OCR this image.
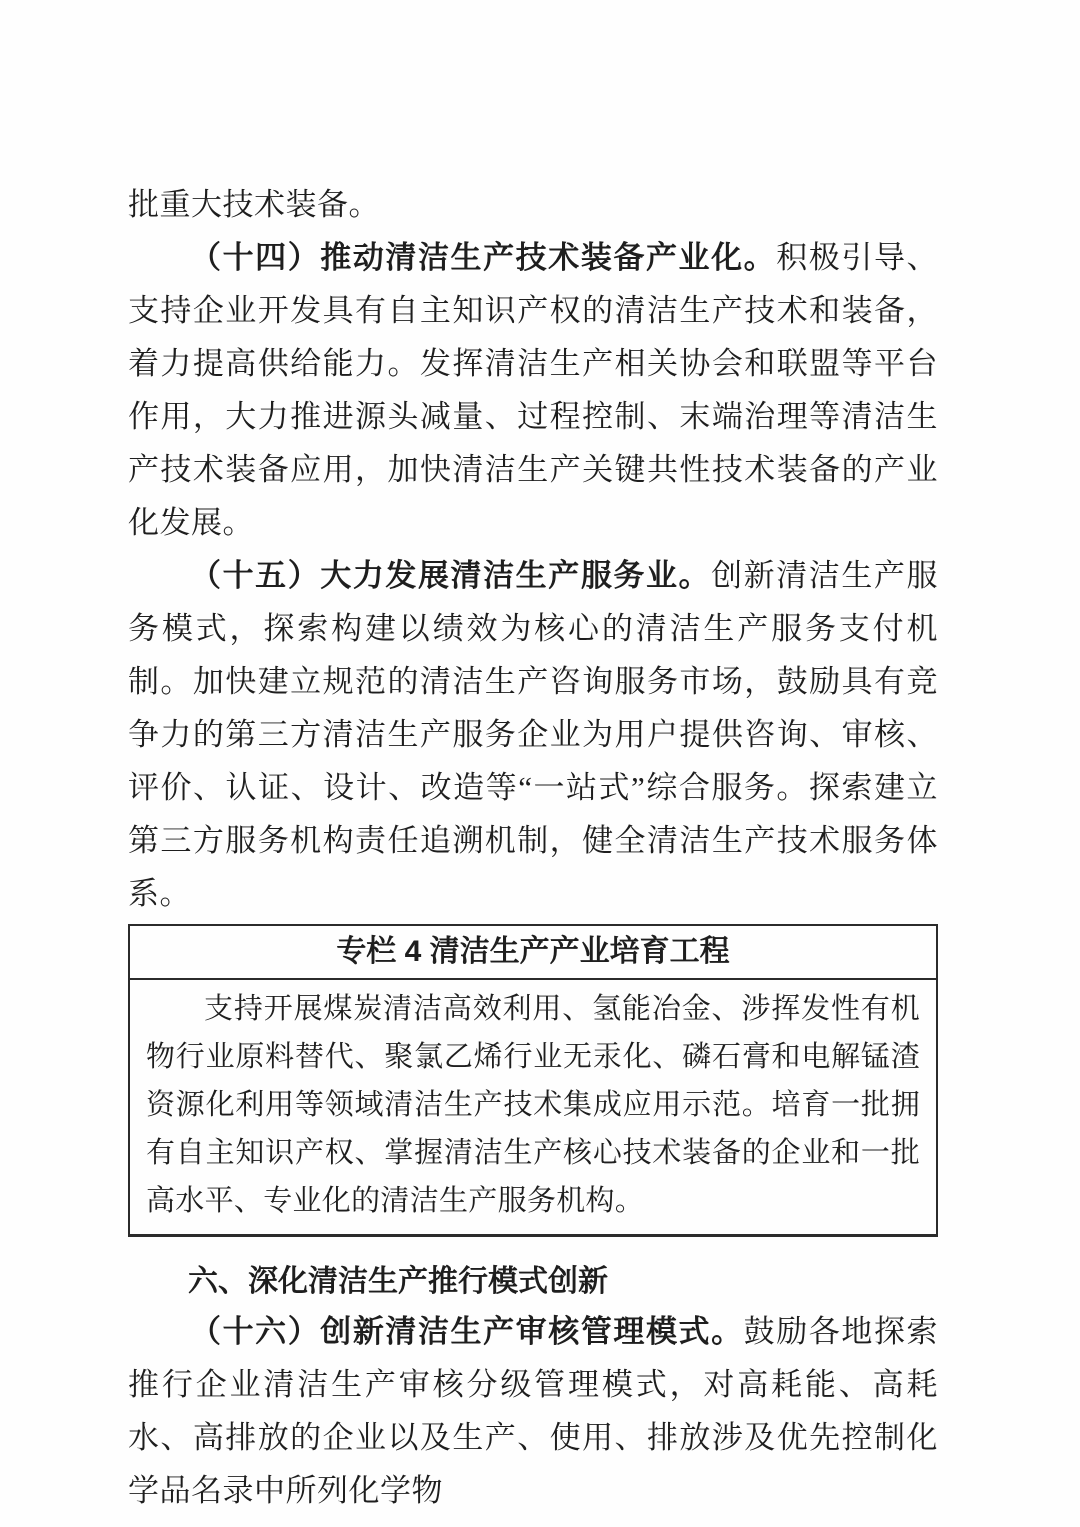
批重大技术装备。

（十四）推动清洁生产技术装备产业化。积极引导、支持企业开发具有自主知识产权的清洁生产技术和装备，着力提高供给能力。发挥清洁生产相关协会和联盟等平台作用，大力推进源头减量、过程控制、末端治理等清洁生产技术装备应用，加快清洁生产关键共性技术装备的产业化发展。

（十五）大力发展清洁生产服务业。创新清洁生产服务模式，探索构建以绩效为核心的清洁生产服务支付机制。加快建立规范的清洁生产咨询服务市场，鼓励具有竞争力的第三方清洁生产服务企业为用户提供咨询、审核、评价、认证、设计、改造等“一站式”综合服务。探索建立第三方服务机构责任追溯机制，健全清洁生产技术服务体系。

专栏 4 清洁生产产业培育工程
支持开展煤炭清洁高效利用、氢能冶金、涉挥发性有机物行业原料替代、聚氯乙烯行业无汞化、磷石膏和电解锰渣资源化利用等领域清洁生产技术集成应用示范。培育一批拥有自主知识产权、掌握清洁生产核心技术装备的企业和一批高水平、专业化的清洁生产服务机构。
六、深化清洁生产推行模式创新

（十六）创新清洁生产审核管理模式。鼓励各地探索推行企业清洁生产审核分级管理模式，对高耗能、高耗水、高排放的企业以及生产、使用、排放涉及优先控制化学品名录中所列化学物
